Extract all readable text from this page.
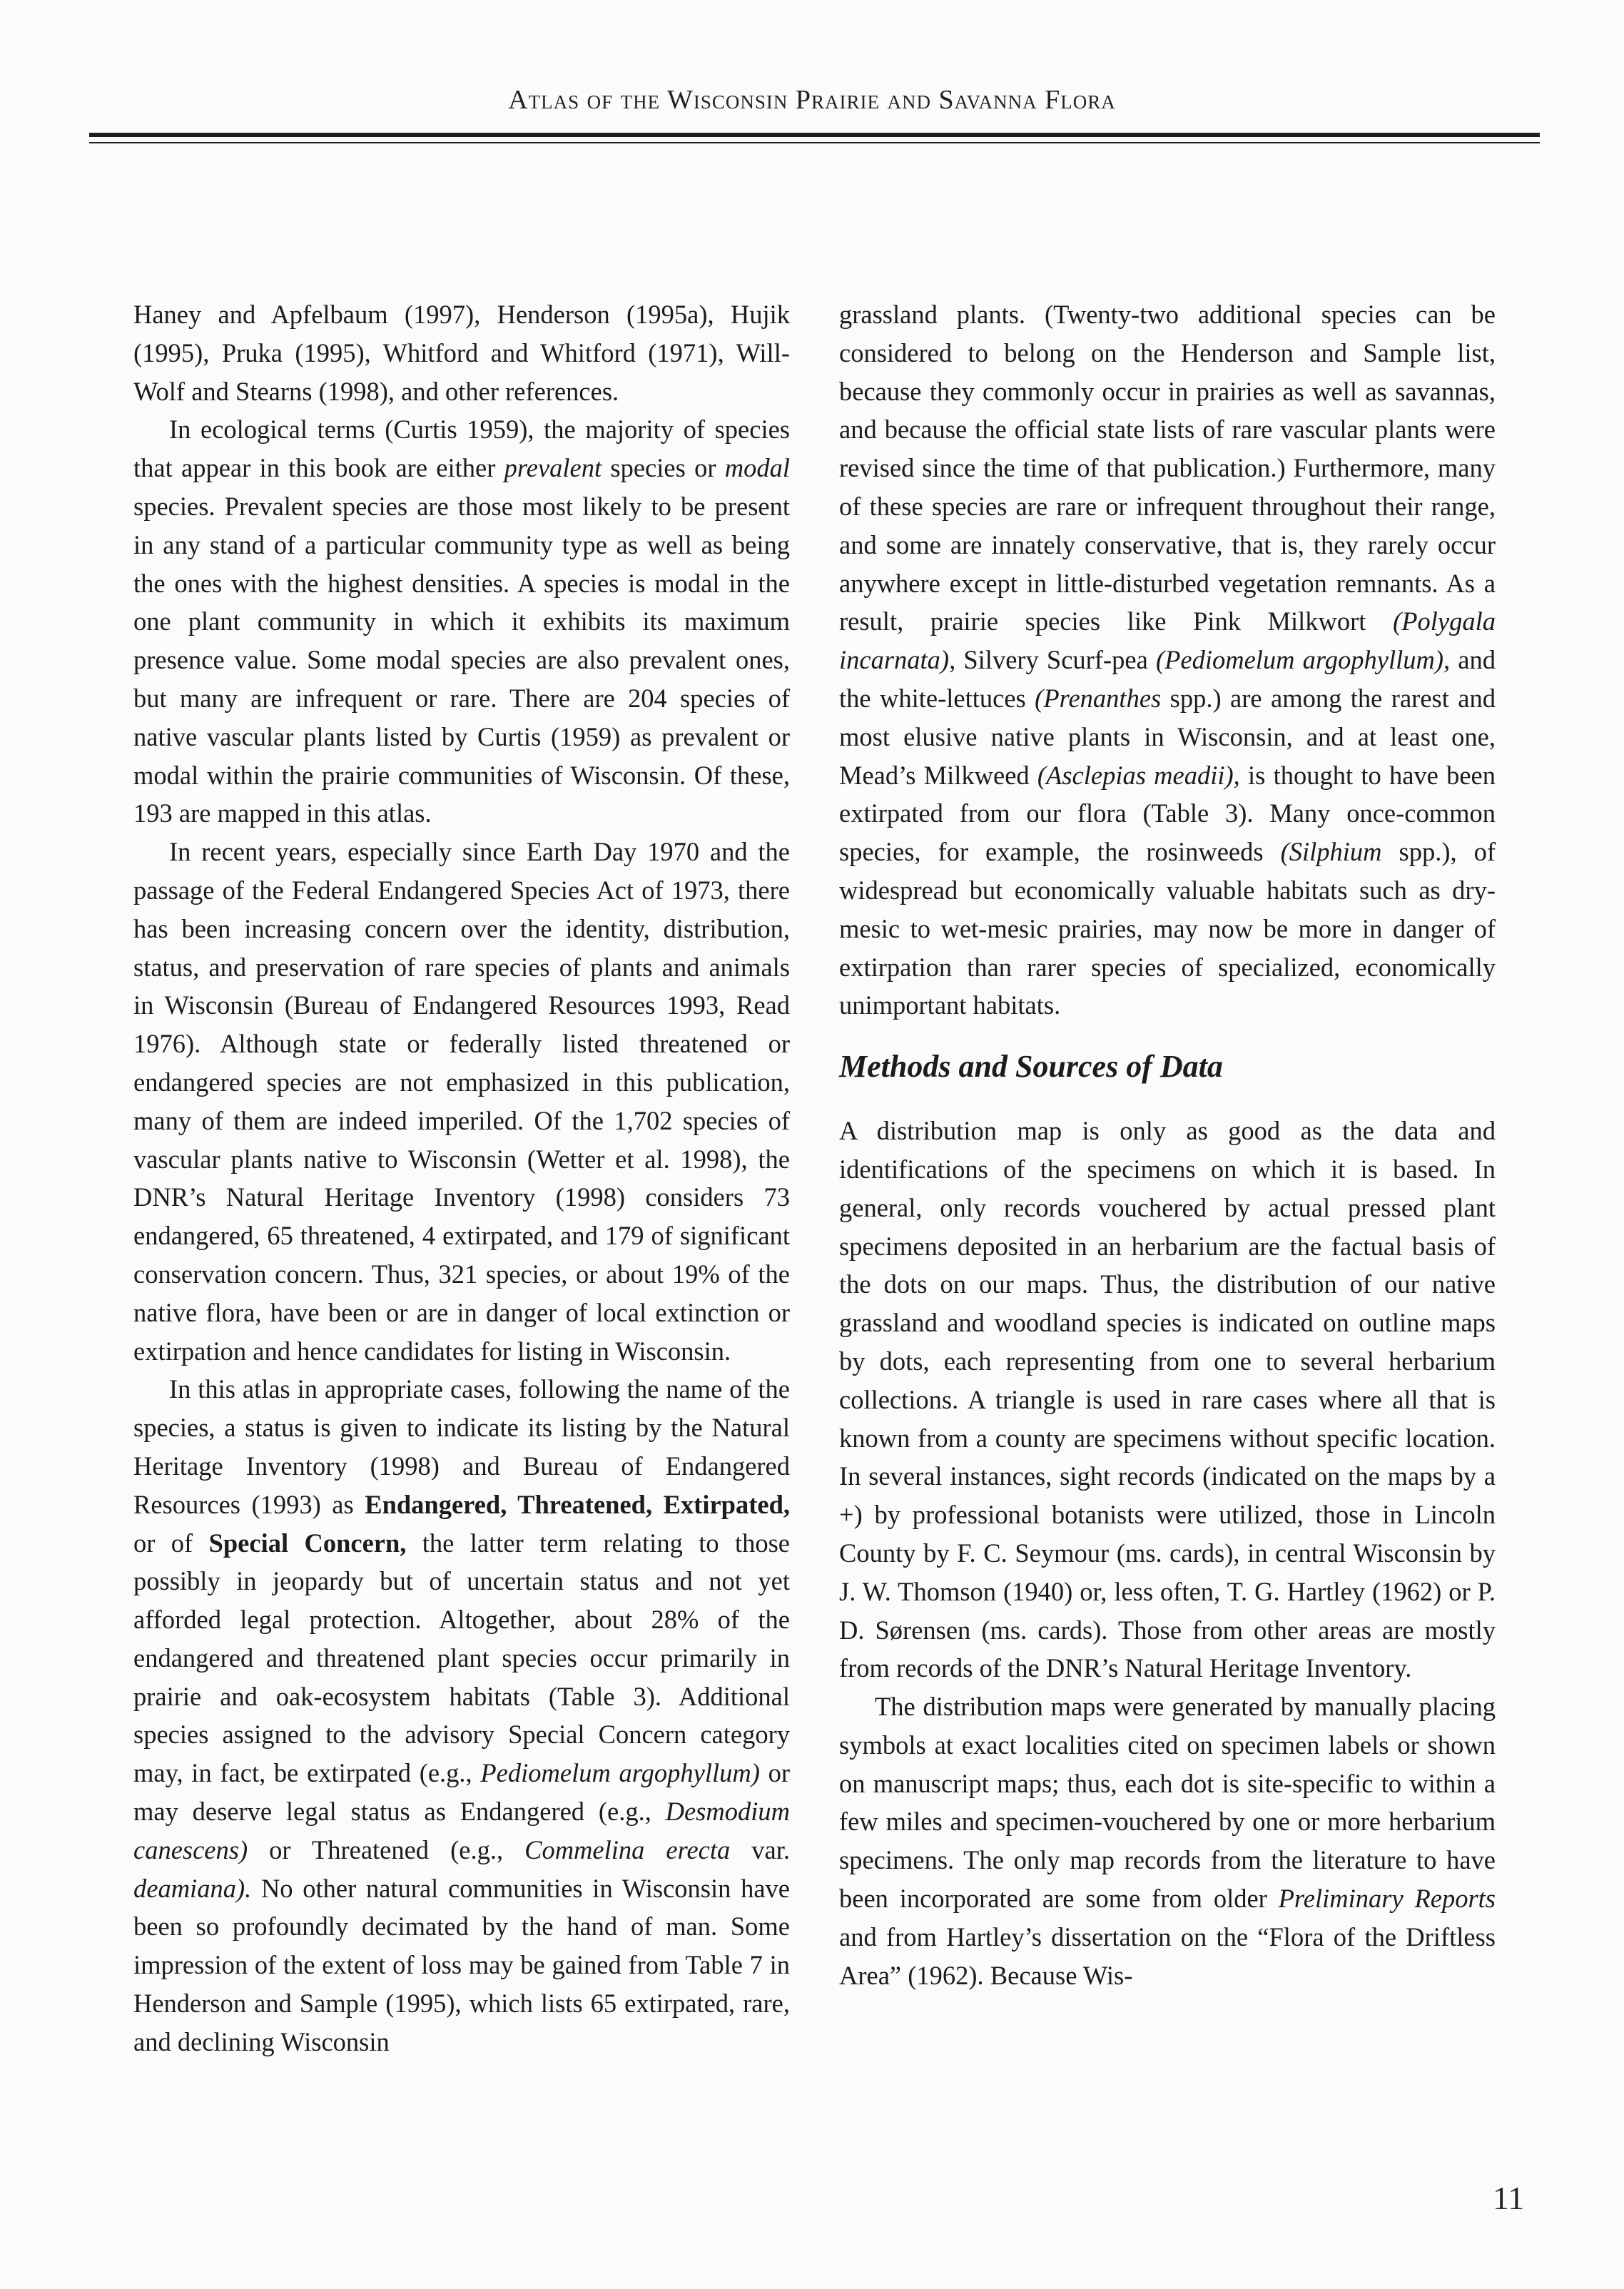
Atlas of the Wisconsin Prairie and Savanna Flora

Haney and Apfelbaum (1997), Henderson (1995a), Hujik (1995), Pruka (1995), Whitford and Whitford (1971), Will-Wolf and Stearns (1998), and other references.

In ecological terms (Curtis 1959), the majority of species that appear in this book are either prevalent species or modal species. Prevalent species are those most likely to be present in any stand of a particular community type as well as being the ones with the highest densities. A species is modal in the one plant community in which it exhibits its maximum presence value. Some modal species are also prevalent ones, but many are infrequent or rare. There are 204 species of native vascular plants listed by Curtis (1959) as prevalent or modal within the prairie communities of Wisconsin. Of these, 193 are mapped in this atlas.

In recent years, especially since Earth Day 1970 and the passage of the Federal Endangered Species Act of 1973, there has been increasing concern over the identity, distribution, status, and preservation of rare species of plants and animals in Wisconsin (Bureau of Endangered Resources 1993, Read 1976). Although state or federally listed threatened or endangered species are not emphasized in this publication, many of them are indeed imperiled. Of the 1,702 species of vascular plants native to Wisconsin (Wetter et al. 1998), the DNR’s Natural Heritage Inventory (1998) considers 73 endangered, 65 threatened, 4 extirpated, and 179 of significant conservation concern. Thus, 321 species, or about 19% of the native flora, have been or are in danger of local extinction or extirpation and hence candidates for listing in Wisconsin.

In this atlas in appropriate cases, following the name of the species, a status is given to indicate its listing by the Natural Heritage Inventory (1998) and Bureau of Endangered Resources (1993) as Endangered, Threatened, Extirpated, or of Special Concern, the latter term relating to those possibly in jeopardy but of uncertain status and not yet afforded legal protection. Altogether, about 28% of the endangered and threatened plant species occur primarily in prairie and oak-ecosystem habitats (Table 3). Additional species assigned to the advisory Special Concern category may, in fact, be extirpated (e.g., Pediomelum argophyllum) or may deserve legal status as Endangered (e.g., Desmodium canescens) or Threatened (e.g., Commelina erecta var. deamiana). No other natural communities in Wisconsin have been so profoundly decimated by the hand of man. Some impression of the extent of loss may be gained from Table 7 in Henderson and Sample (1995), which lists 65 extirpated, rare, and declining Wisconsin

grassland plants. (Twenty-two additional species can be considered to belong on the Henderson and Sample list, because they commonly occur in prairies as well as savannas, and because the official state lists of rare vascular plants were revised since the time of that publication.) Furthermore, many of these species are rare or infrequent throughout their range, and some are innately conservative, that is, they rarely occur anywhere except in little-disturbed vegetation remnants. As a result, prairie species like Pink Milkwort (Polygala incarnata), Silvery Scurf-pea (Pediomelum argophyllum), and the white-lettuces (Prenanthes spp.) are among the rarest and most elusive native plants in Wisconsin, and at least one, Mead’s Milkweed (Asclepias meadii), is thought to have been extirpated from our flora (Table 3). Many once-common species, for example, the rosinweeds (Silphium spp.), of widespread but economically valuable habitats such as dry-mesic to wet-mesic prairies, may now be more in danger of extirpation than rarer species of specialized, economically unimportant habitats.

Methods and Sources of Data

A distribution map is only as good as the data and identifications of the specimens on which it is based. In general, only records vouchered by actual pressed plant specimens deposited in an herbarium are the factual basis of the dots on our maps. Thus, the distribution of our native grassland and woodland species is indicated on outline maps by dots, each representing from one to several herbarium collections. A triangle is used in rare cases where all that is known from a county are specimens without specific location. In several instances, sight records (indicated on the maps by a +) by professional botanists were utilized, those in Lincoln County by F. C. Seymour (ms. cards), in central Wisconsin by J. W. Thomson (1940) or, less often, T. G. Hartley (1962) or P. D. Sørensen (ms. cards). Those from other areas are mostly from records of the DNR’s Natural Heritage Inventory.

The distribution maps were generated by manually placing symbols at exact localities cited on specimen labels or shown on manuscript maps; thus, each dot is site-specific to within a few miles and specimen-vouchered by one or more herbarium specimens. The only map records from the literature to have been incorporated are some from older Preliminary Reports and from Hartley’s dissertation on the “Flora of the Driftless Area” (1962). Because Wis-

11
